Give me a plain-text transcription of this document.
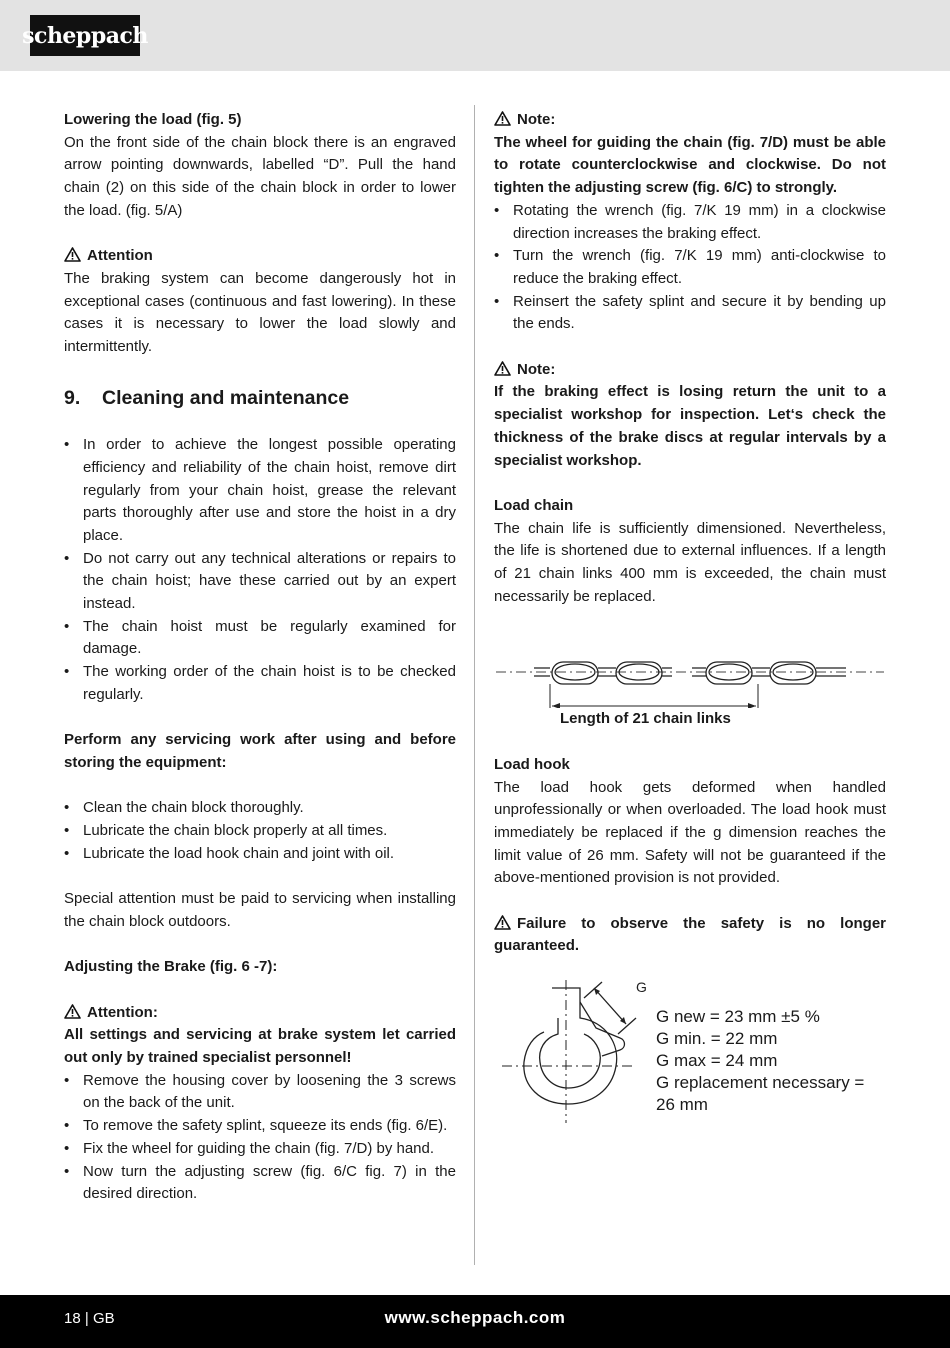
scheppach

Lowering the load (fig. 5)

On the front side of the chain block there is an engraved arrow pointing downwards, labelled “D”. Pull the hand chain (2) on this side of the chain block in order to lower the load. (fig. 5/A)

Attention

The braking system can become dangerously hot in exceptional cases (continuous and fast lowering). In these cases it is necessary to lower the load slowly and intermittently.

9. Cleaning and maintenance
• In order to achieve the longest possible operating efficiency and reliability of the chain hoist, remove dirt regularly from your chain hoist, grease the relevant parts thoroughly after use and store the hoist in a dry place.
• Do not carry out any technical alterations or repairs to the chain hoist; have these carried out by an expert instead.
• The chain hoist must be regularly examined for damage.
• The working order of the chain hoist is to be checked regularly.

Perform any servicing work after using and before storing the equipment:

• Clean the chain block thoroughly.
• Lubricate the chain block properly at all times.
• Lubricate the load hook chain and joint with oil.

Special attention must be paid to servicing when installing the chain block outdoors.

Adjusting the Brake (fig. 6 -7):

Attention:

All settings and servicing at brake system let carried out only by trained specialist personnel!

• Remove the housing cover by loosening the 3 screws on the back of the unit.
• To remove the safety splint, squeeze its ends (fig. 6/E).
• Fix the wheel for guiding the chain (fig. 7/D) by hand.
• Now turn the adjusting screw (fig. 6/C fig. 7) in the desired direction.

Note:

The wheel for guiding the chain (fig. 7/D) must be able to rotate counterclockwise and clockwise. Do not tighten the adjusting screw (fig. 6/C) to strongly.

• Rotating the wrench (fig. 7/K 19 mm) in a clockwise direction increases the braking effect.
• Turn the wrench (fig. 7/K 19 mm) anti-clockwise to reduce the braking effect.
• Reinsert the safety splint and secure it by bending up the ends.

Note:

If the braking effect is losing return the unit to a specialist workshop for inspection. Let‘s check the thickness of the brake discs at regular intervals by a specialist workshop.

Load chain

The chain life is sufficiently dimensioned. Nevertheless, the life is shortened due to external influences. If a length of 21 chain links 400 mm is exceeded, the chain must necessarily be replaced.

Length of 21 chain links

Load hook

The load hook gets deformed when handled unprofessionally or when overloaded. The load hook must immediately be replaced if the g dimension reaches the limit value of 26 mm. Safety will not be guaranteed if the above-mentioned provision is not provided.

Failure to observe the safety is no longer guaranteed.

G
G new = 23 mm ±5 %
G min. = 22 mm
G max = 24 mm
G replacement necessary = 26 mm
18 | GB	www.scheppach.com
